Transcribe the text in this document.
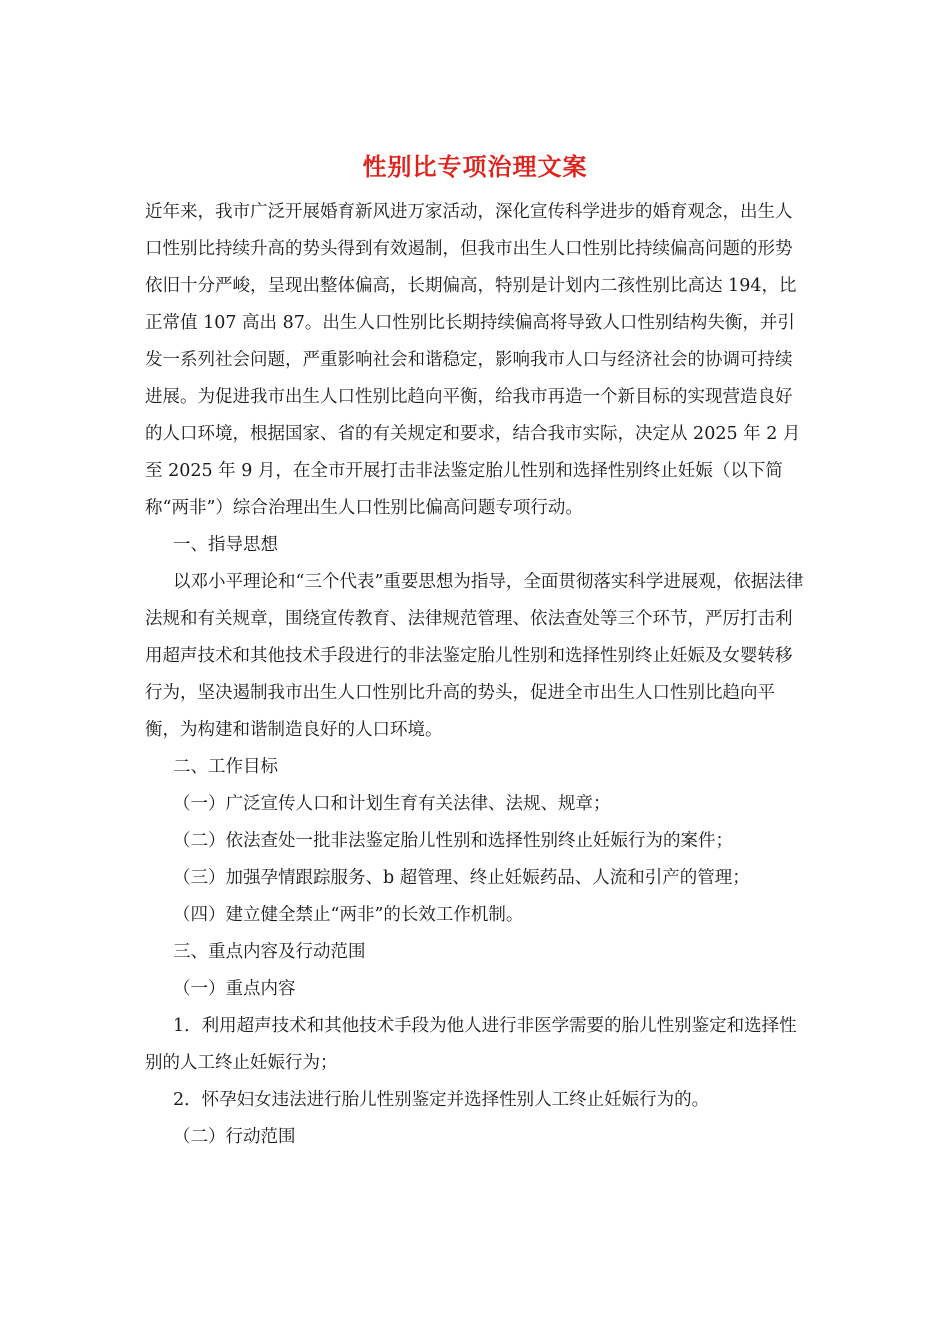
性别比专项治理文案

近年来，我市广泛开展婚育新风进万家活动，深化宣传科学进步的婚育观念，出生人口性别比持续升高的势头得到有效遏制，但我市出生人口性别比持续偏高问题的形势依旧十分严峻，呈现出整体偏高，长期偏高，特别是计划内二孩性别比高达 194，比正常值 107 高出 87。出生人口性别比长期持续偏高将导致人口性别结构失衡，并引发一系列社会问题，严重影响社会和谐稳定，影响我市人口与经济社会的协调可持续进展。为促进我市出生人口性别比趋向平衡，给我市再造一个新目标的实现营造良好的人口环境，根据国家、省的有关规定和要求，结合我市实际，决定从 2025 年 2 月至 2025 年 9 月，在全市开展打击非法鉴定胎儿性别和选择性别终止妊娠（以下简称“两非”）综合治理出生人口性别比偏高问题专项行动。

一、指导思想

以邓小平理论和“三个代表”重要思想为指导，全面贯彻落实科学进展观，依据法律法规和有关规章，围绕宣传教育、法律规范管理、依法查处等三个环节，严厉打击利用超声技术和其他技术手段进行的非法鉴定胎儿性别和选择性别终止妊娠及女婴转移行为，坚决遏制我市出生人口性别比升高的势头，促进全市出生人口性别比趋向平衡，为构建和谐制造良好的人口环境。

二、工作目标

（一）广泛宣传人口和计划生育有关法律、法规、规章；

（二）依法查处一批非法鉴定胎儿性别和选择性别终止妊娠行为的案件；

（三）加强孕情跟踪服务、b 超管理、终止妊娠药品、人流和引产的管理；

（四）建立健全禁止“两非”的长效工作机制。

三、重点内容及行动范围

（一）重点内容

1．利用超声技术和其他技术手段为他人进行非医学需要的胎儿性别鉴定和选择性别的人工终止妊娠行为；

2．怀孕妇女违法进行胎儿性别鉴定并选择性别人工终止妊娠行为的。

（二）行动范围
